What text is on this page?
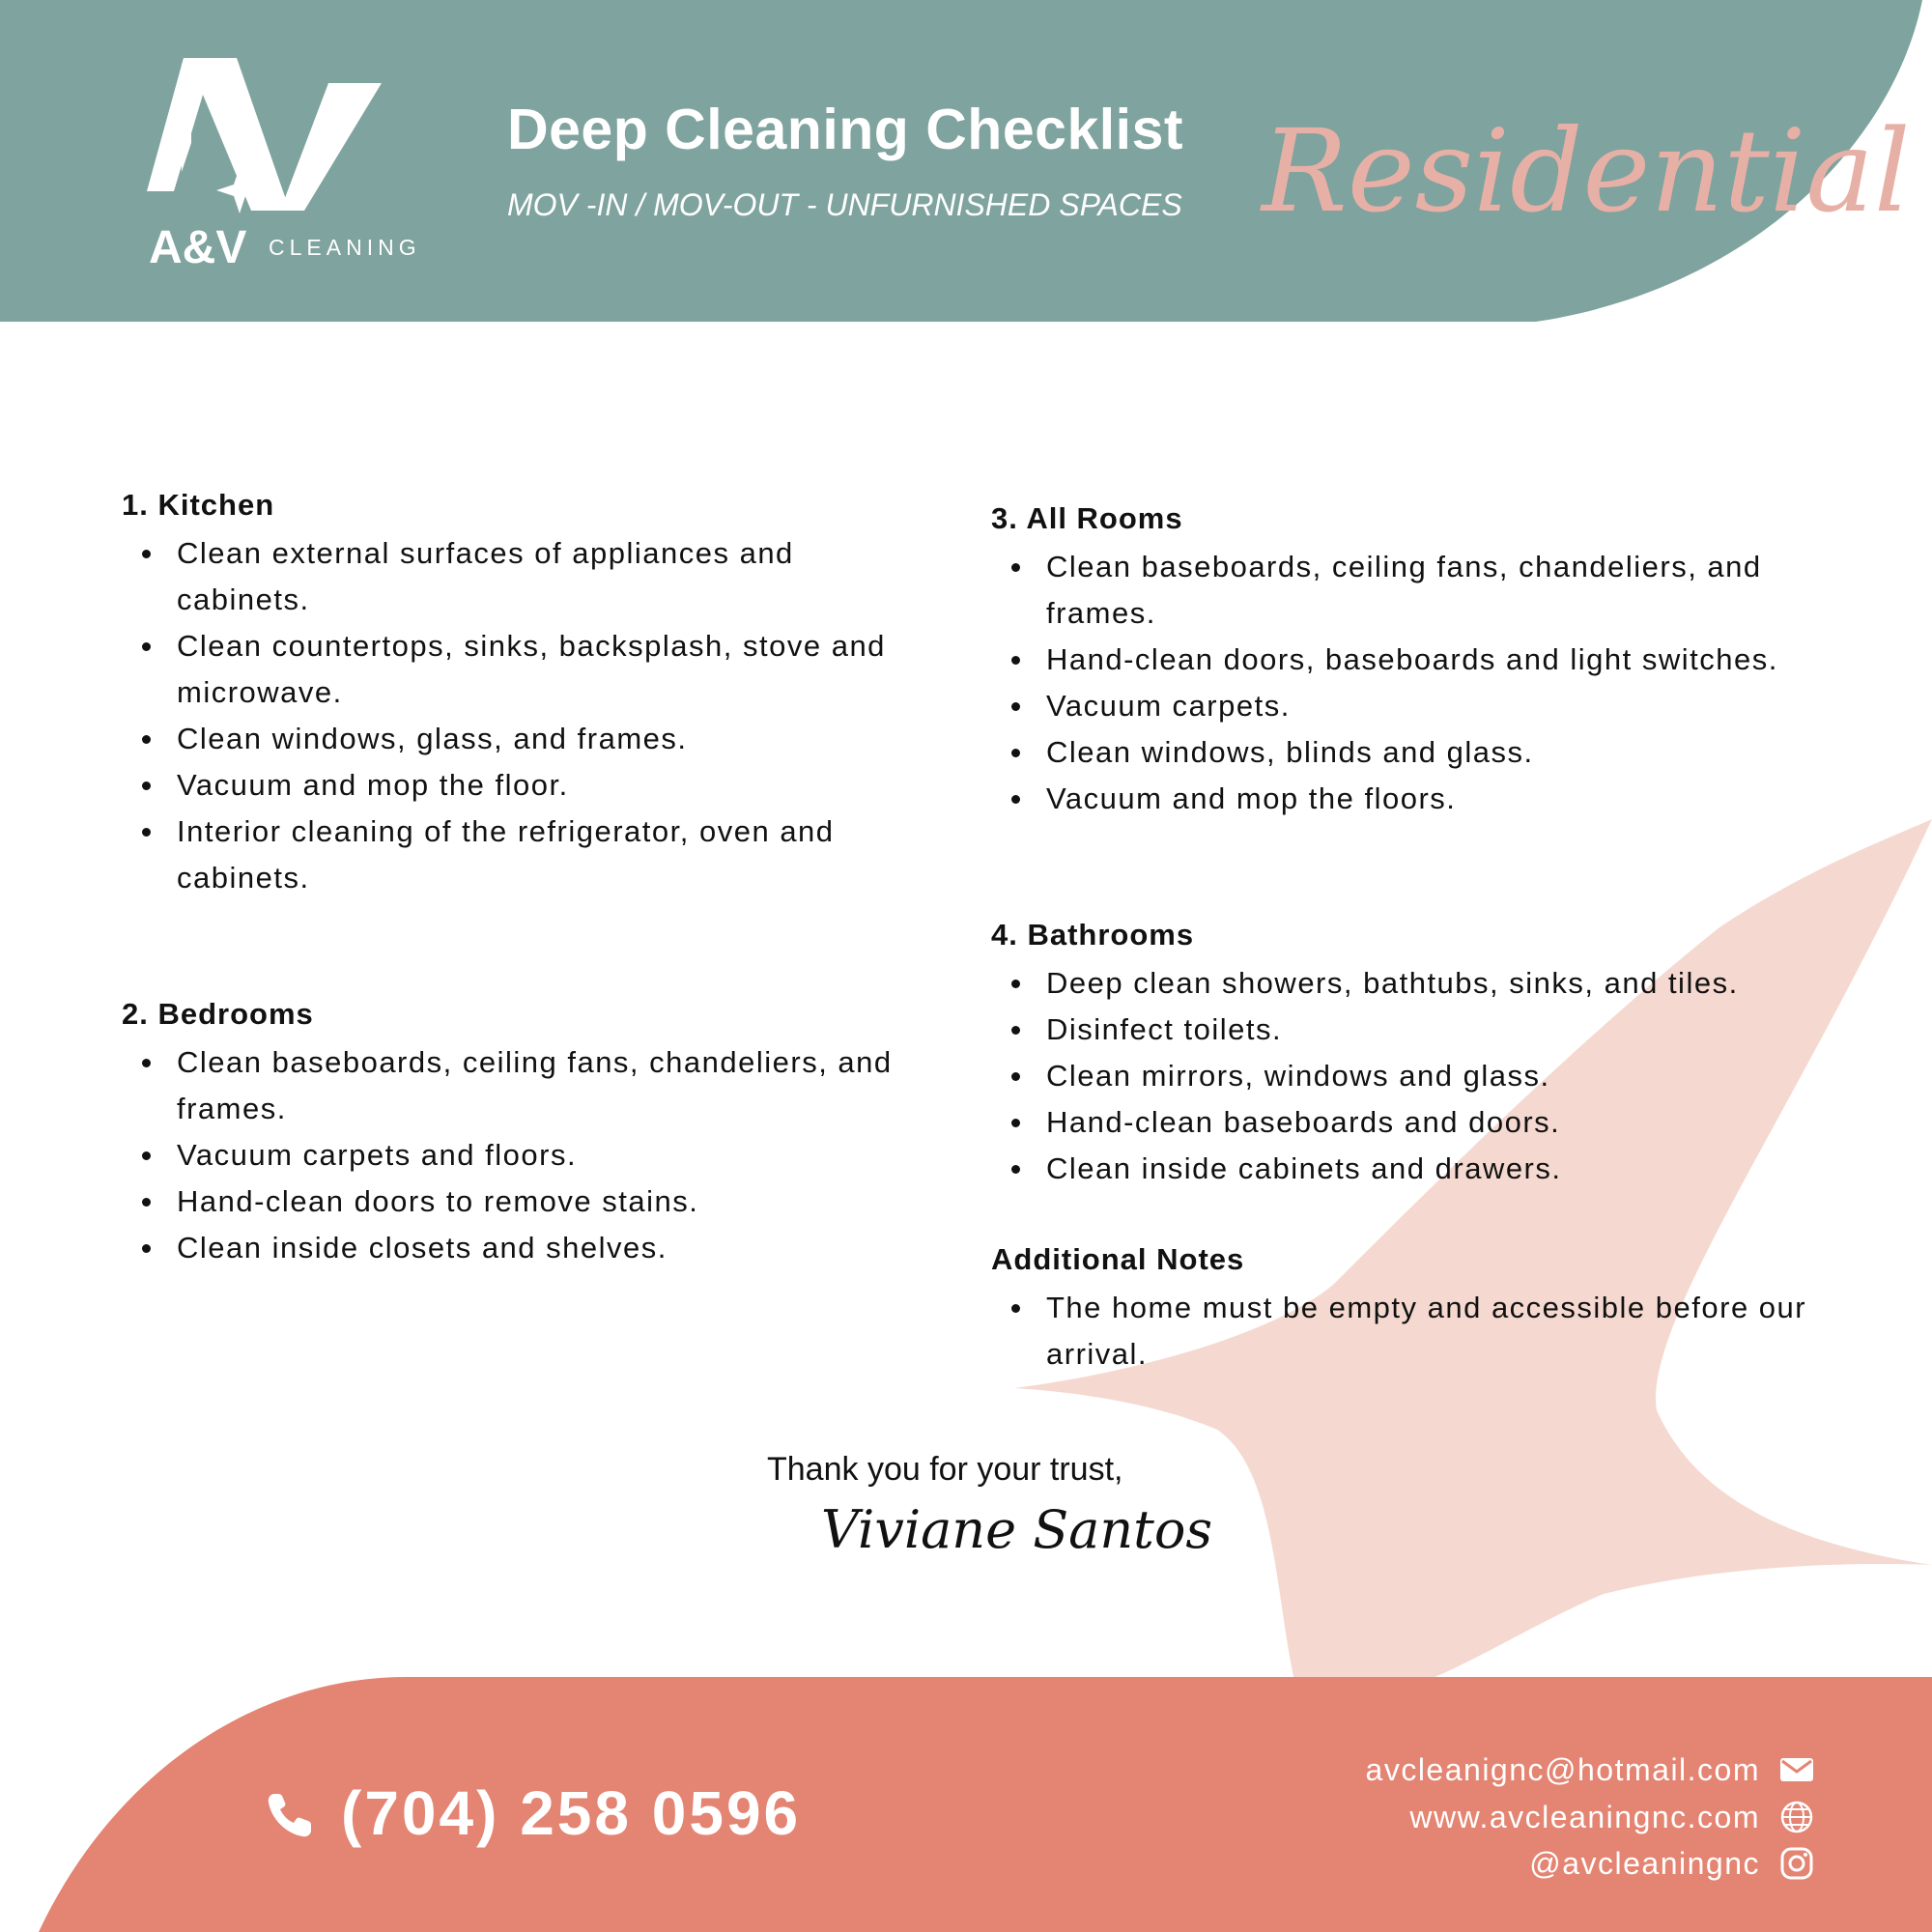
A&V CLEANING
Deep Cleaning Checklist
MOV -IN / MOV-OUT - UNFURNISHED SPACES Residential
1. Kitchen
Clean external surfaces of appliances and cabinets.
Clean countertops, sinks, backsplash, stove and microwave.
Clean windows, glass, and frames.
Vacuum and mop the floor.
Interior cleaning of the refrigerator, oven and cabinets.
2. Bedrooms
Clean baseboards, ceiling fans, chandeliers, and frames.
Vacuum carpets and floors.
Hand-clean doors to remove stains.
Clean inside closets and shelves.
3. All Rooms
Clean baseboards, ceiling fans, chandeliers, and frames.
Hand-clean doors, baseboards and light switches.
Vacuum carpets.
Clean windows, blinds and glass.
Vacuum and mop the floors.
4. Bathrooms
Deep clean showers, bathtubs, sinks, and tiles.
Disinfect toilets.
Clean mirrors, windows and glass.
Hand-clean baseboards and doors.
Clean inside cabinets and drawers.
Additional Notes
The home must be empty and accessible before our arrival.
Thank you for your trust,
Viviane Santos
(704) 258 0596
avcleanignc@hotmail.com
www.avcleaningnc.com
@avcleaningnc
